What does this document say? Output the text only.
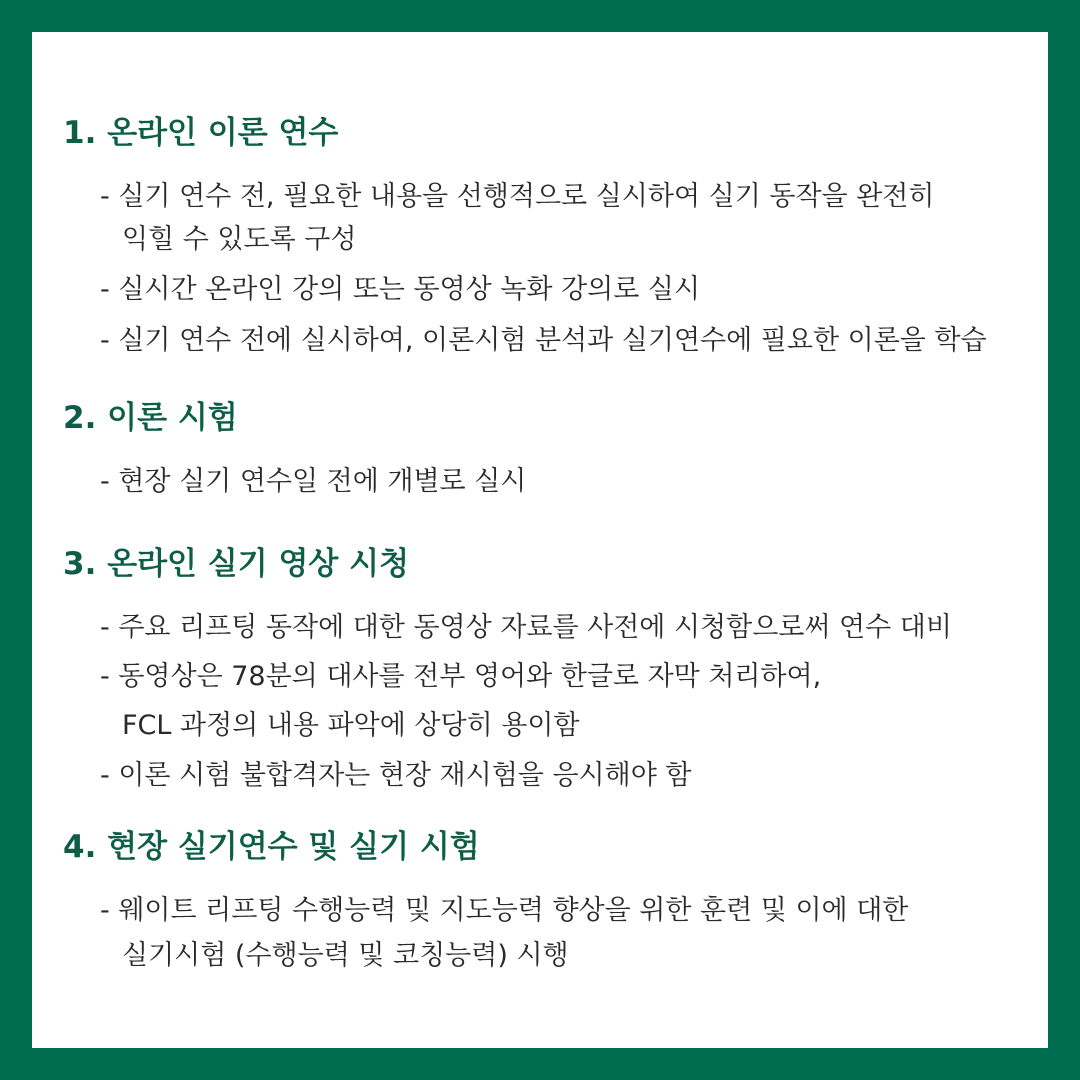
1. 온라인 이론 연수

- 실기 연수 전, 필요한 내용을 선행적으로 실시하여 실기 동작을 완전히

익힐 수 있도록 구성

- 실시간 온라인 강의 또는 동영상 녹화 강의로 실시

- 실기 연수 전에 실시하여, 이론시험 분석과 실기연수에 필요한 이론을 학습

2. 이론 시험

- 현장 실기 연수일 전에 개별로 실시

3. 온라인 실기 영상 시청

- 주요 리프팅 동작에 대한 동영상 자료를 사전에 시청함으로써 연수 대비

- 동영상은 78분의 대사를 전부 영어와 한글로 자막 처리하여,

FCL 과정의 내용 파악에 상당히 용이함

- 이론 시험 불합격자는 현장 재시험을 응시해야 함

4. 현장 실기연수 및 실기 시험

- 웨이트 리프팅 수행능력 및 지도능력 향상을 위한 훈련 및 이에 대한

실기시험 (수행능력 및 코칭능력) 시행
